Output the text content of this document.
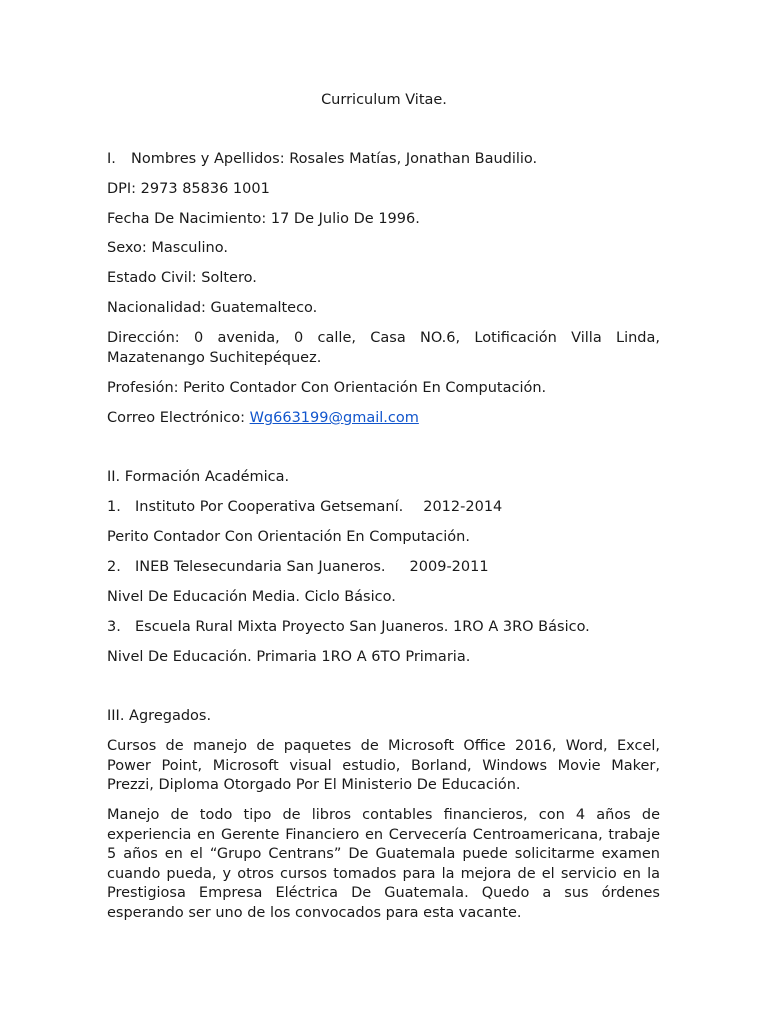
Curriculum Vitae.
I. Nombres y Apellidos: Rosales Matías, Jonathan Baudilio.
DPI: 2973 85836 1001
Fecha De Nacimiento: 17 De Julio De 1996.
Sexo: Masculino.
Estado Civil: Soltero.
Nacionalidad: Guatemalteco.
Dirección: 0 avenida, 0 calle, Casa NO.6, Lotificación Villa Linda, Mazatenango Suchitepéquez.
Profesión: Perito Contador Con Orientación En Computación.
Correo Electrónico: Wg663199@gmail.com
II. Formación Académica.
1. Instituto Por Cooperativa Getsemaní. 2012-2014
Perito Contador Con Orientación En Computación.
2. INEB Telesecundaria San Juaneros. 2009-2011
Nivel De Educación Media. Ciclo Básico.
3. Escuela Rural Mixta Proyecto San Juaneros. 1RO A 3RO Básico.
Nivel De Educación. Primaria 1RO A 6TO Primaria.
III. Agregados.
Cursos de manejo de paquetes de Microsoft Office 2016, Word, Excel, Power Point, Microsoft visual estudio, Borland, Windows Movie Maker, Prezzi, Diploma Otorgado Por El Ministerio De Educación.
Manejo de todo tipo de libros contables financieros, con 4 años de experiencia en Gerente Financiero en Cervecería Centroamericana, trabaje 5 años en el “Grupo Centrans” De Guatemala puede solicitarme examen cuando pueda, y otros cursos tomados para la mejora de el servicio en la Prestigiosa Empresa Eléctrica De Guatemala. Quedo a sus órdenes esperando ser uno de los convocados para esta vacante.
